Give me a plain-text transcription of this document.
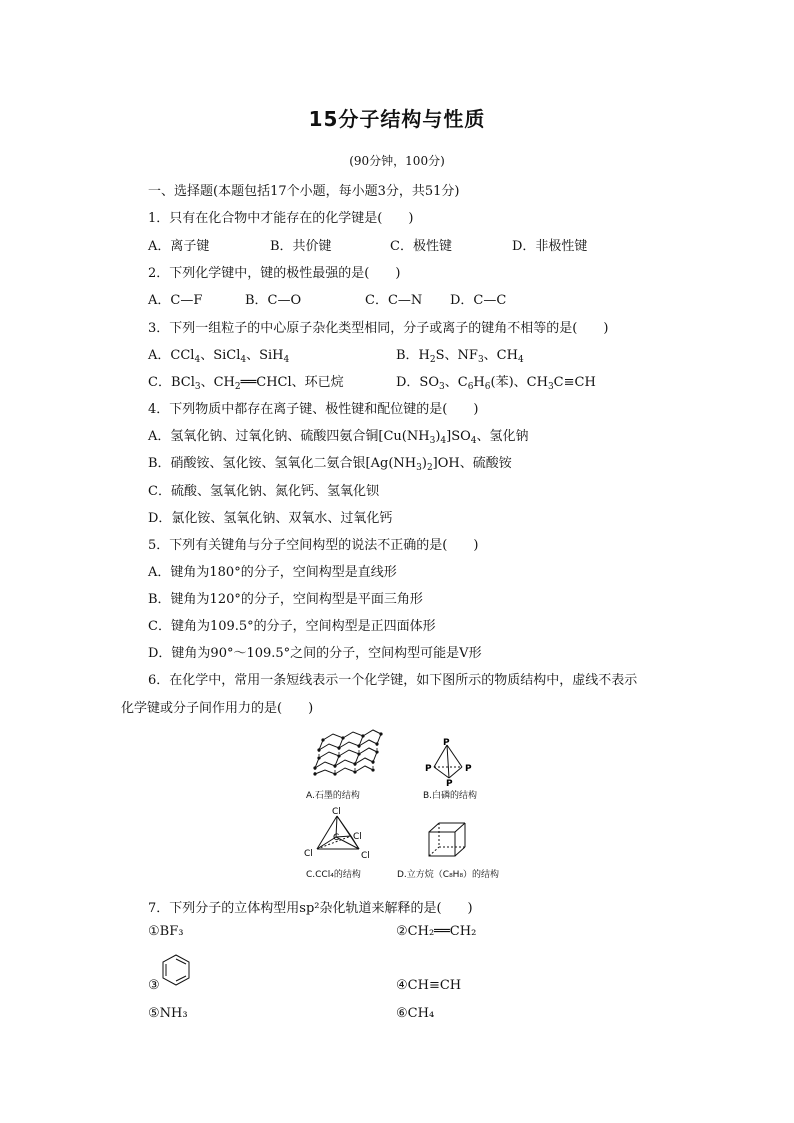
15分子结构与性质
(90分钟，100分)
一、选择题(本题包括17个小题，每小题3分，共51分)
1．只有在化合物中才能存在的化学键是(　　)
A．离子键	B．共价键	C．极性键	D．非极性键
2．下列化学键中，键的极性最强的是(　　)
A．C—F	B．C—O	C．C—N D．C—C
3．下列一组粒子的中心原子杂化类型相同，分子或离子的键角不相等的是(　　)
A．CCl$_4$、SiCl$_4$、SiH$_4$	B．$H_2S$、$NF_3$、$CH_4$
C．BCl$_3$、$CH_2══CHCl$、环已烷	D．$SO_3$、$C_6H_6$(苯)、$CH_3C\equiv CH$
4．下列物质中都存在离子键、极性键和配位键的是(　　)
A．氢氧化钠、过氧化钠、硫酸四氨合铜$[Cu(NH_3)_4]SO_4$、氢化钠
B．硝酸铵、氢化铵、氢氧化二氨合银$[Ag(NH_3)_2]OH$、硫酸铵
C．硫酸、氢氧化钠、氮化钙、氢氧化钡
D．氯化铵、氢氧化钠、双氧水、过氧化钙
5．下列有关键角与分子空间构型的说法不正确的是(　　)
A．键角为180°的分子，空间构型是直线形
B．键角为120°的分子，空间构型是平面三角形
C．键角为109.5°的分子，空间构型是正四面体形
D．键角为90°～109.5°之间的分子，空间构型可能是V形
6．在化学中，常用一条短线表示一个化学键，如下图所示的物质结构中，虚线不表示
化学键或分子间作用力的是(　　)
A.石墨的结构
P
P	P
P
B.白磷的结构
Cl
C Cl
Cl	Cl
C.CCl₄的结构	D.立方烷（C₈H₈）的结构
7．下列分子的立体构型用sp²杂化轨道来解释的是(　　)
①BF₃	②CH₂══CH₂
③	④CH≡CH
⑤NH₃	⑥CH₄
